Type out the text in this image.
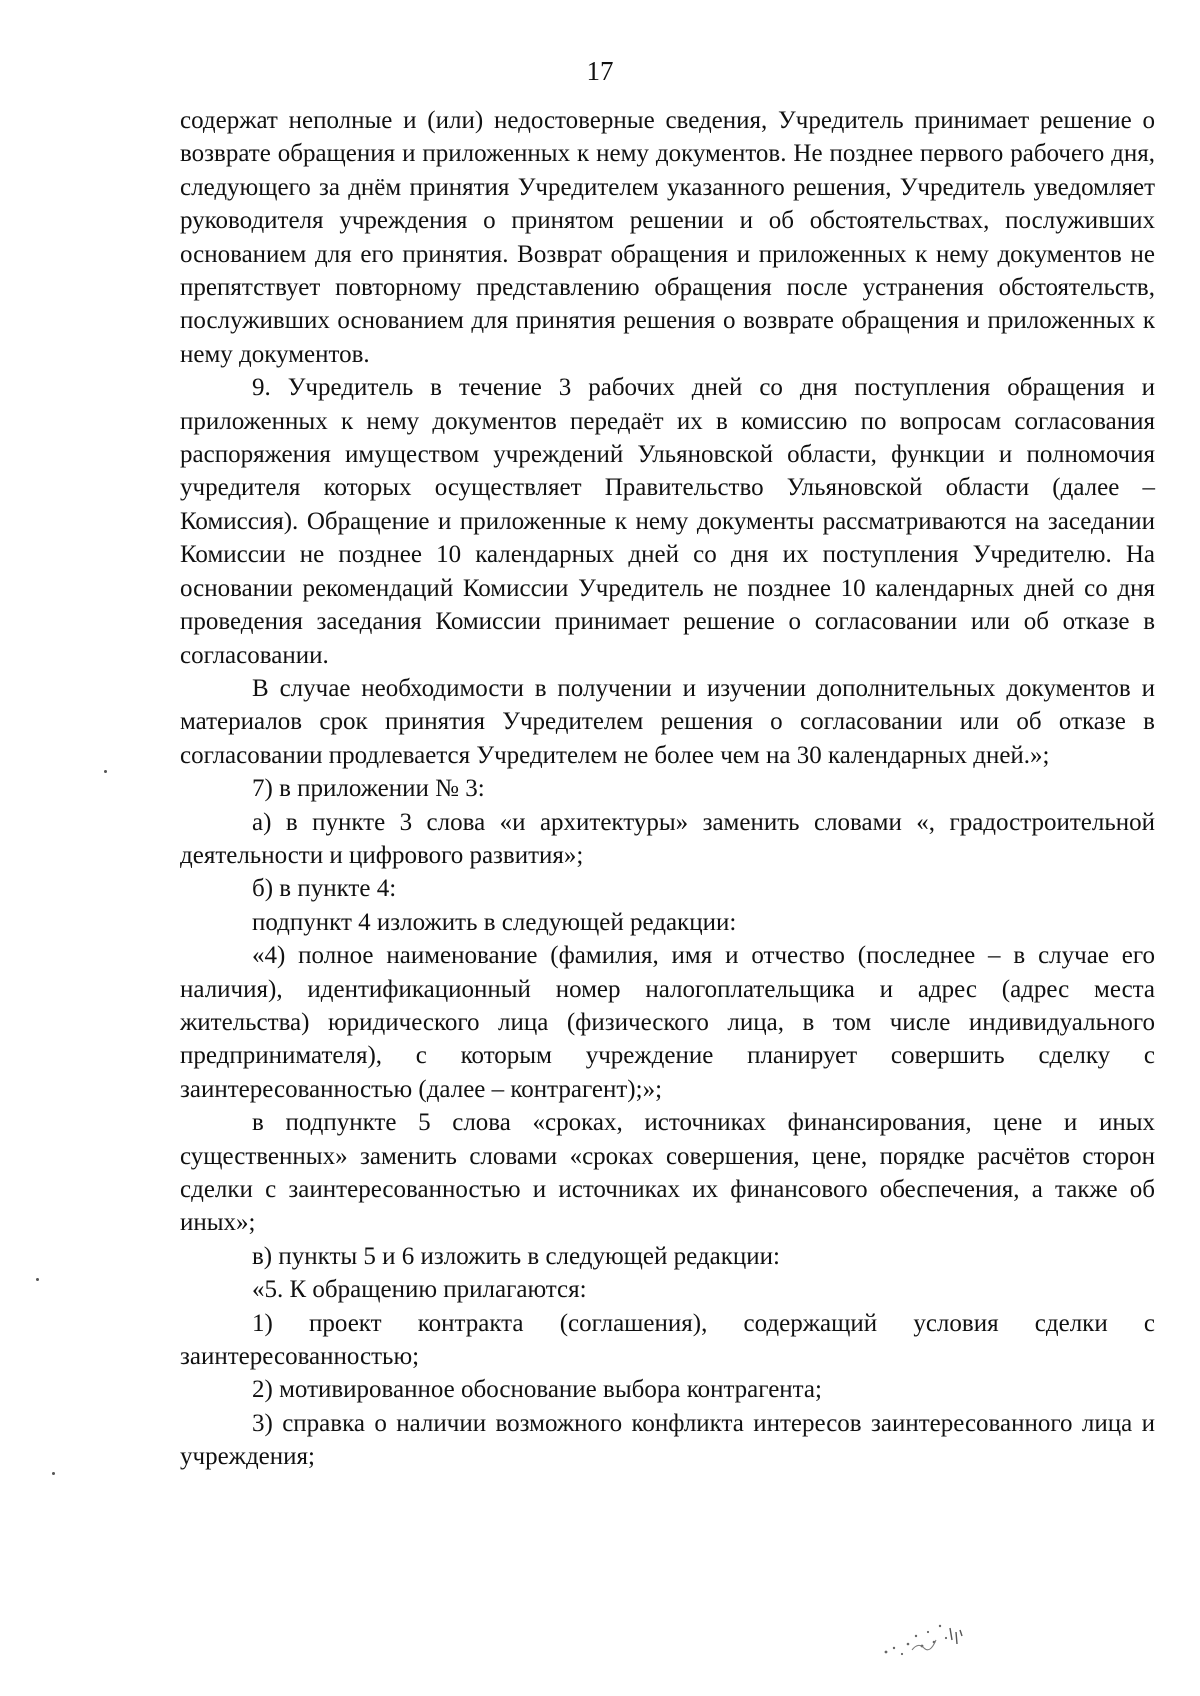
17

содержат неполные и (или) недостоверные сведения, Учредитель принимает решение о возврате обращения и приложенных к нему документов. Не позднее первого рабочего дня, следующего за днём принятия Учредителем указанного решения, Учредитель уведомляет руководителя учреждения о принятом решении и об обстоятельствах, послуживших основанием для его принятия. Возврат обращения и приложенных к нему документов не препятствует повторному представлению обращения после устранения обстоятельств, послуживших основанием для принятия решения о возврате обращения и приложенных к нему документов.

9. Учредитель в течение 3 рабочих дней со дня поступления обращения и приложенных к нему документов передаёт их в комиссию по вопросам согласования распоряжения имуществом учреждений Ульяновской области, функции и полномочия учредителя которых осуществляет Правительство Ульяновской области (далее – Комиссия). Обращение и приложенные к нему документы рассматриваются на заседании Комиссии не позднее 10 календарных дней со дня их поступления Учредителю. На основании рекомендаций Комиссии Учредитель не позднее 10 календарных дней со дня проведения заседания Комиссии принимает решение о согласовании или об отказе в согласовании.

В случае необходимости в получении и изучении дополнительных документов и материалов срок принятия Учредителем решения о согласовании или об отказе в согласовании продлевается Учредителем не более чем на 30 календарных дней.»;

7) в приложении № 3:

а) в пункте 3 слова «и архитектуры» заменить словами «, градостроительной деятельности и цифрового развития»;

б) в пункте 4:

подпункт 4 изложить в следующей редакции:

«4) полное наименование (фамилия, имя и отчество (последнее – в случае его наличия), идентификационный номер налогоплательщика и адрес (адрес места жительства) юридического лица (физического лица, в том числе индивидуального предпринимателя), с которым учреждение планирует совершить сделку с заинтересованностью (далее – контрагент);»;

в подпункте 5 слова «сроках, источниках финансирования, цене и иных существенных» заменить словами «сроках совершения, цене, порядке расчётов сторон сделки с заинтересованностью и источниках их финансового обеспечения, а также об иных»;

в) пункты 5 и 6 изложить в следующей редакции:

«5. К обращению прилагаются:

1) проект контракта (соглашения), содержащий условия сделки с заинтересованностью;

2) мотивированное обоснование выбора контрагента;

3) справка о наличии возможного конфликта интересов заинтересованного лица и учреждения;
